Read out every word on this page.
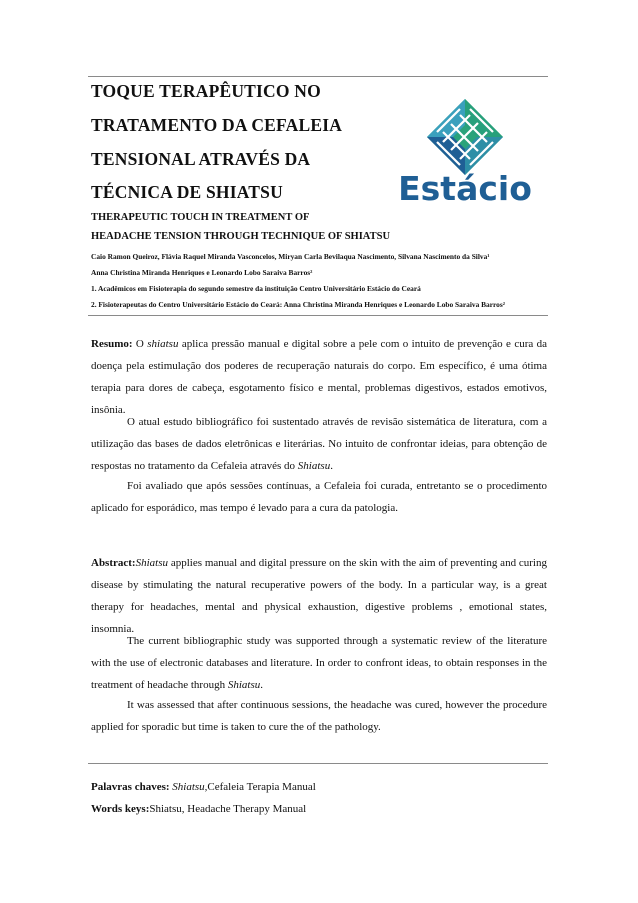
TOQUE TERAPÊUTICO NO
TRATAMENTO DA CEFALEIA
TENSIONAL ATRAVÉS DA
TÉCNICA DE SHIATSU	Estácio
THERAPEUTIC TOUCH IN TREATMENT OF
HEADACHE TENSION THROUGH TECHNIQUE OF SHIATSU
Caio Ramon Queiroz, Flávia Raquel Miranda Vasconcelos, Miryan Carla Bevilaqua Nascimento, Silvana Nascimento da Silva¹
Anna Christina Miranda Henriques e Leonardo Lobo Saraiva Barros²
1. Acadêmicos em Fisioterapia do segundo semestre da instituição Centro Universitário Estácio do Ceará
2. Fisioterapeutas do Centro Universitário Estácio do Ceará: Anna Christina Miranda Henriques e Leonardo Lobo Saraiva Barros²
Resumo: O shiatsu aplica pressão manual e digital sobre a pele com o intuito de prevenção e cura da doença pela estimulação dos poderes de recuperação naturais do corpo. Em específico, é uma ótima terapia para dores de cabeça, esgotamento físico e mental, problemas digestivos, estados emotivos, insônia.
O atual estudo bibliográfico foi sustentado através de revisão sistemática de literatura, com a utilização das bases de dados eletrônicas e literárias. No intuito de confrontar ideias, para obtenção de respostas no tratamento da Cefaleia através do Shiatsu.
Foi avaliado que após sessões contínuas, a Cefaleia foi curada, entretanto se o procedimento aplicado for esporádico, mas tempo é levado para a cura da patologia.
Abstract:Shiatsu applies manual and digital pressure on the skin with the aim of preventing and curing disease by stimulating the natural recuperative powers of the body. In a particular way, is a great therapy for headaches, mental and physical exhaustion, digestive problems , emotional states, insomnia.
The current bibliographic study was supported through a systematic review of the literature with the use of electronic databases and literature. In order to confront ideas, to obtain responses in the treatment of headache through Shiatsu.
It was assessed that after continuous sessions, the headache was cured, however the procedure applied for sporadic but time is taken to cure the of the pathology.
Palavras chaves: Shiatsu,Cefaleia Terapia Manual
Words keys:Shiatsu, Headache Therapy Manual
